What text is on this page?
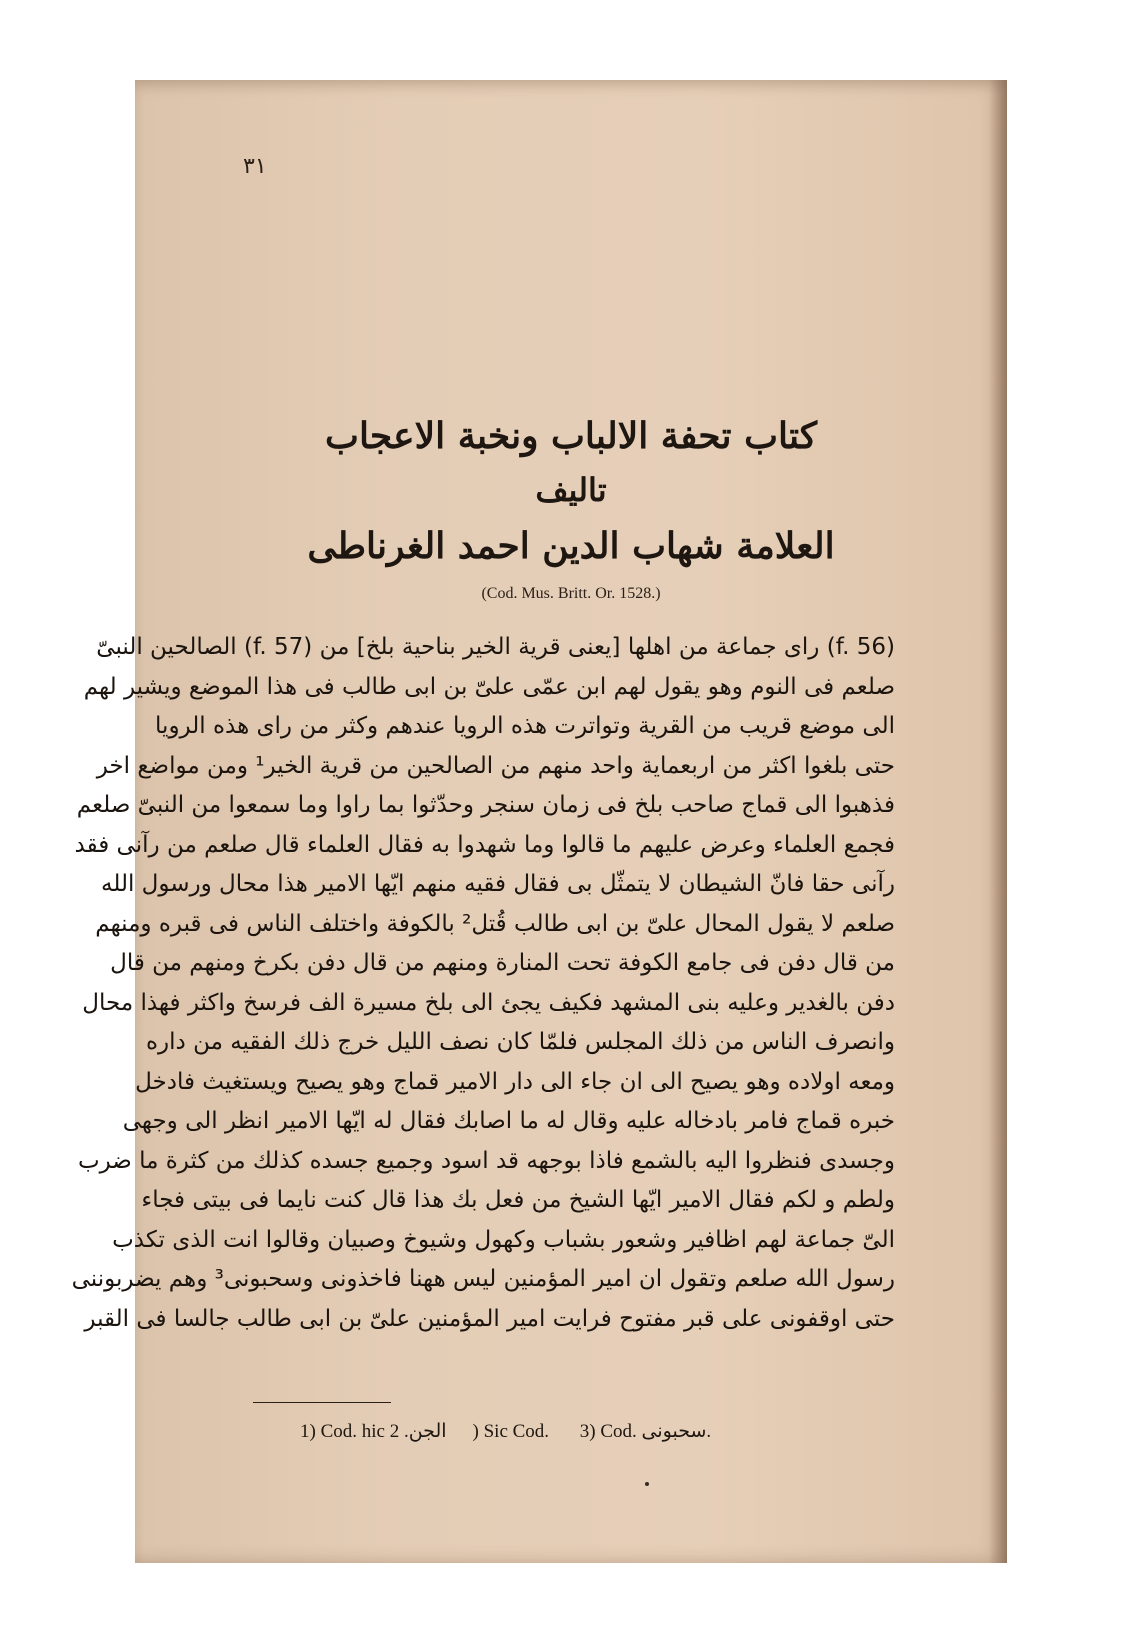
٣١
كتاب تحفة الالباب ونخبة الاعجاب
تاليف
العلامة شهاب الدين احمد الغرناطى
(Cod. Mus. Britt. Or. 1528.)
(f. 56) راى جماعة من اهلها [يعنى قرية الخير بناحية بلخ] من (f. 57) الصالحين النبىّ
صلعم فى النوم وهو يقول لهم ابن عمّى علىّ بن ابى طالب فى هذا الموضع ويشير لهم
الى موضع قريب من القرية وتواترت هذه الرويا عندهم وكثر من راى هذه الرويا
حتى بلغوا اكثر من اربعماية واحد منهم من الصالحين من قرية الخير¹ ومن مواضع اخر
فذهبوا الى قماج صاحب بلخ فى زمان سنجر وحدّثوا بما راوا وما سمعوا من النبىّ صلعم
فجمع العلماء وعرض عليهم ما قالوا وما شهدوا به فقال العلماء قال صلعم من رآنى فقد
رآنى حقا فانّ الشيطان لا يتمثّل بى فقال فقيه منهم ايّها الامير هذا محال ورسول الله
صلعم لا يقول المحال علىّ بن ابى طالب قُتل² بالكوفة واختلف الناس فى قبره ومنهم
من قال دفن فى جامع الكوفة تحت المنارة ومنهم من قال دفن بكرخ ومنهم من قال
دفن بالغدير وعليه بنى المشهد فكيف يجئ الى بلخ مسيرة الف فرسخ واكثر فهذا محال
وانصرف الناس من ذلك المجلس فلمّا كان نصف الليل خرج ذلك الفقيه من داره
ومعه اولاده وهو يصيح الى ان جاء الى دار الامير قماج وهو يصيح ويستغيث فادخل
خبره قماج فامر بادخاله عليه وقال له ما اصابك فقال له ايّها الامير انظر الى وجهى
وجسدى فنظروا اليه بالشمع فاذا بوجهه قد اسود وجميع جسده كذلك من كثرة ما ضرب
ولطم و لكم فقال الامير ايّها الشيخ من فعل بك هذا قال كنت نايما فى بيتى فجاء
الىّ جماعة لهم اظافير وشعور بشباب وكهول وشيوخ وصبيان وقالوا انت الذى تكذب
رسول الله صلعم وتقول ان امير المؤمنين ليس ههنا فاخذونى وسحبونى³ وهم يضربوننى
حتى اوقفونى على قبر مفتوح فرايت امير المؤمنين علىّ بن ابى طالب جالسا فى القبر
1) Cod. hic الجن. 2) Sic Cod. 3) Cod. سحبونى.
